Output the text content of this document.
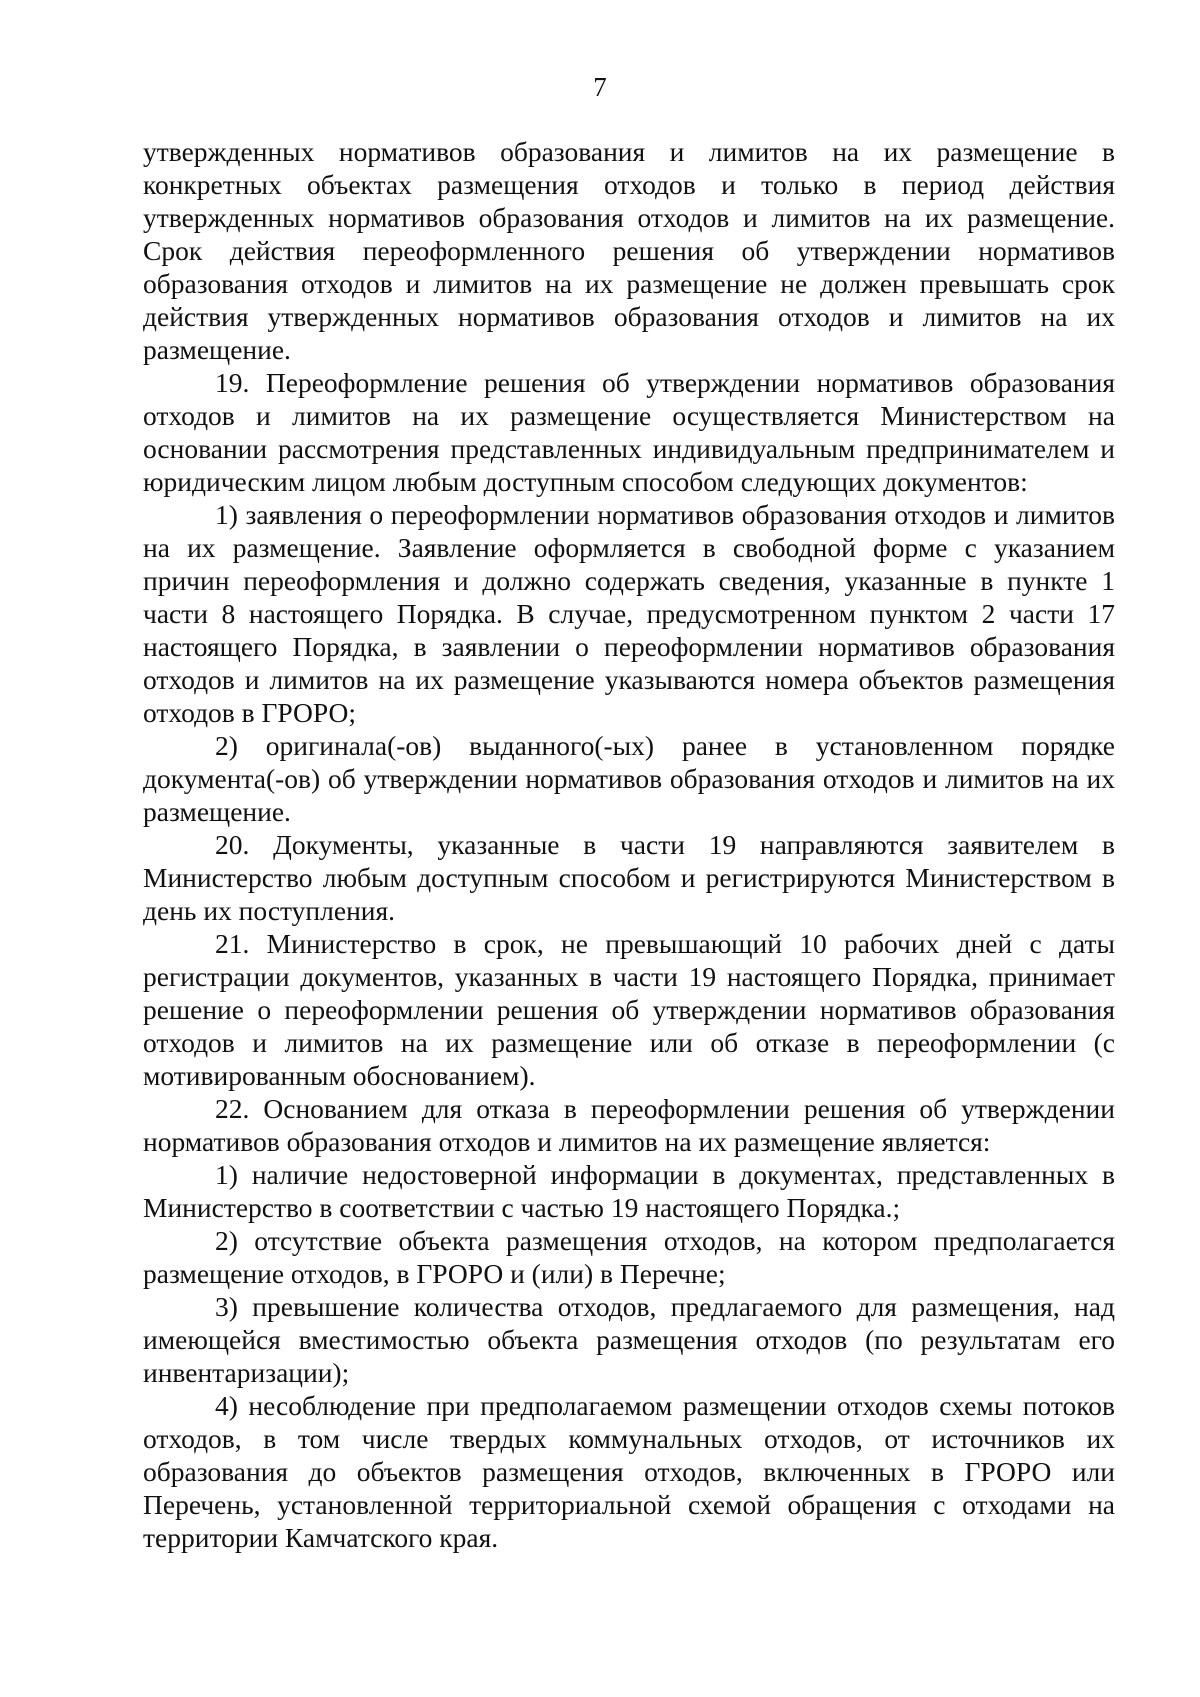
7

утвержденных нормативов образования и лимитов на их размещение в конкретных объектах размещения отходов и только в период действия утвержденных нормативов образования отходов и лимитов на их размещение. Срок действия переоформленного решения об утверждении нормативов образования отходов и лимитов на их размещение не должен превышать срок действия утвержденных нормативов образования отходов и лимитов на их размещение.

19. Переоформление решения об утверждении нормативов образования отходов и лимитов на их размещение осуществляется Министерством на основании рассмотрения представленных индивидуальным предпринимателем и юридическим лицом любым доступным способом следующих документов:

1) заявления о переоформлении нормативов образования отходов и лимитов на их размещение. Заявление оформляется в свободной форме с указанием причин переоформления и должно содержать сведения, указанные в пункте 1 части 8 настоящего Порядка. В случае, предусмотренном пунктом 2 части 17 настоящего Порядка, в заявлении о переоформлении нормативов образования отходов и лимитов на их размещение указываются номера объектов размещения отходов в ГРОРО;

2) оригинала(-ов) выданного(-ых) ранее в установленном порядке документа(-ов) об утверждении нормативов образования отходов и лимитов на их размещение.

20. Документы, указанные в части 19 направляются заявителем в Министерство любым доступным способом и регистрируются Министерством в день их поступления.

21. Министерство в срок, не превышающий 10 рабочих дней с даты регистрации документов, указанных в части 19 настоящего Порядка, принимает решение о переоформлении решения об утверждении нормативов образования отходов и лимитов на их размещение или об отказе в переоформлении (с мотивированным обоснованием).

22. Основанием для отказа в переоформлении решения об утверждении нормативов образования отходов и лимитов на их размещение является:

1) наличие недостоверной информации в документах, представленных в Министерство в соответствии с частью 19 настоящего Порядка.;

2) отсутствие объекта размещения отходов, на котором предполагается размещение отходов, в ГРОРО и (или) в Перечне;

3) превышение количества отходов, предлагаемого для размещения, над имеющейся вместимостью объекта размещения отходов (по результатам его инвентаризации);

4) несоблюдение при предполагаемом размещении отходов схемы потоков отходов, в том числе твердых коммунальных отходов, от источников их образования до объектов размещения отходов, включенных в ГРОРО или Перечень, установленной территориальной схемой обращения с отходами на территории Камчатского края.
